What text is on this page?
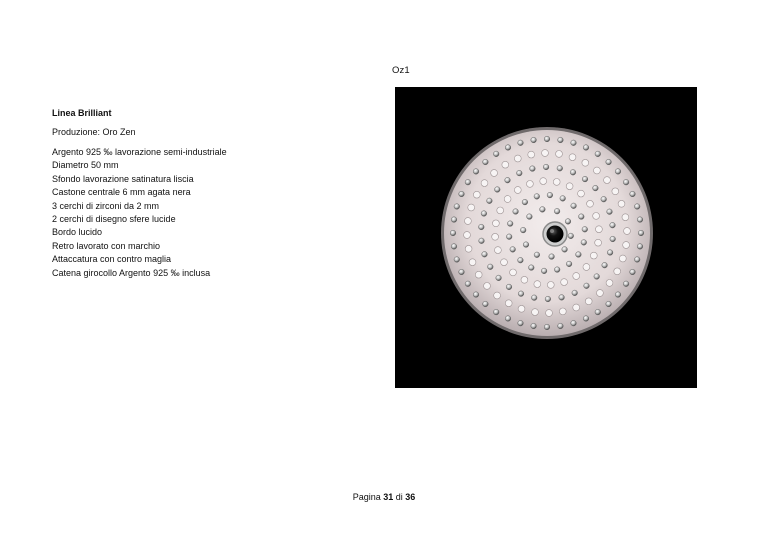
Oz1

Linea Brilliant

Produzione: Oro Zen

Argento 925 ‰ lavorazione semi-industriale
Diametro 50 mm
Sfondo lavorazione satinatura liscia
Castone centrale 6 mm agata nera
3 cerchi di zirconi da 2 mm
2 cerchi di disegno sfere lucide
Bordo lucido
Retro lavorato con marchio
Attaccatura con contro maglia
Catena girocollo Argento 925 ‰ inclusa
Pagina 31 di 36
